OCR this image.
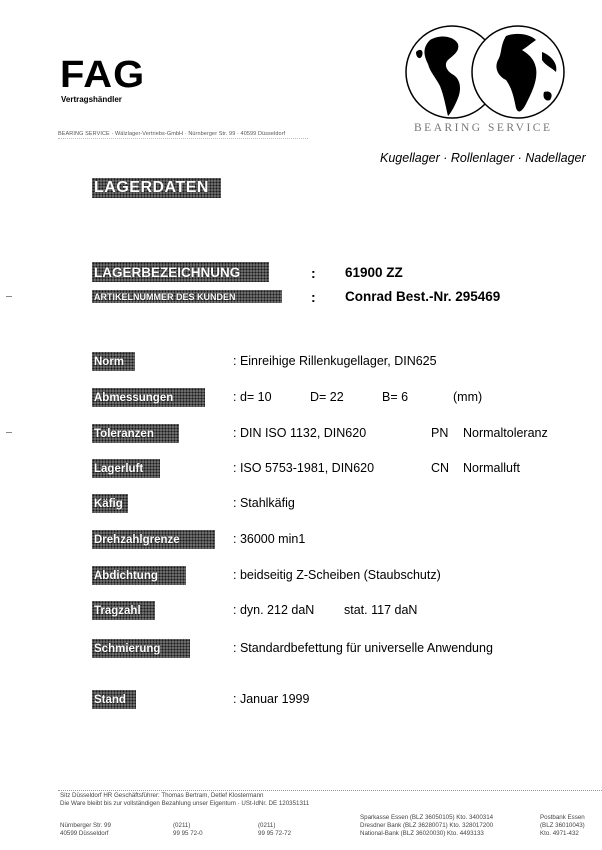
FAG
Vertragshändler
BEARING SERVICE · Wälzlager-Vertriebs-GmbH · Nürnberger Str. 99 · 40599 Düsseldorf	BEARING SERVICE
Kugellager · Rollenlager · Nadellager
LAGERDATEN
LAGERBEZEICHNUNG	: 61900 ZZ
ARTIKELNUMMER DES KUNDEN	: Conrad Best.-Nr. 295469
Norm	: Einreihige Rillenkugellager, DIN625
Abmessungen	: d= 10	D= 22	B= 6	(mm)
Toleranzen	: DIN ISO 1132, DIN620	PN Normaltoleranz
Lagerluft	: ISO 5753-1981, DIN620	CN Normalluft
Käfig	: Stahlkäfig
Drehzahlgrenze	: 36000 min1
Abdichtung	: beidseitig Z-Scheiben (Staubschutz)
Tragzahl	: dyn. 212 daN stat. 117 daN
Schmierung	: Standardbefettung für universelle Anwendung
Stand	: Januar 1999
Sitz Düsseldorf HR Geschäftsführer: Thomas Bertram, Detlef Klostermann
Die Ware bleibt bis zur vollständigen Bezahlung unser Eigentum · USt-IdNr. DE 120351311
Nürnberger Str. 99
40599 Düsseldorf
(0211)
99 95 72-0
(0211)
99 95 72-72
Sparkasse Essen (BLZ 36050105) Kto. 3400314
Dresdner Bank (BLZ 36280071) Kto. 328017200
National-Bank (BLZ 36020030) Kto. 4493133
Postbank Essen
(BLZ 36010043)
Kto. 4971-432
